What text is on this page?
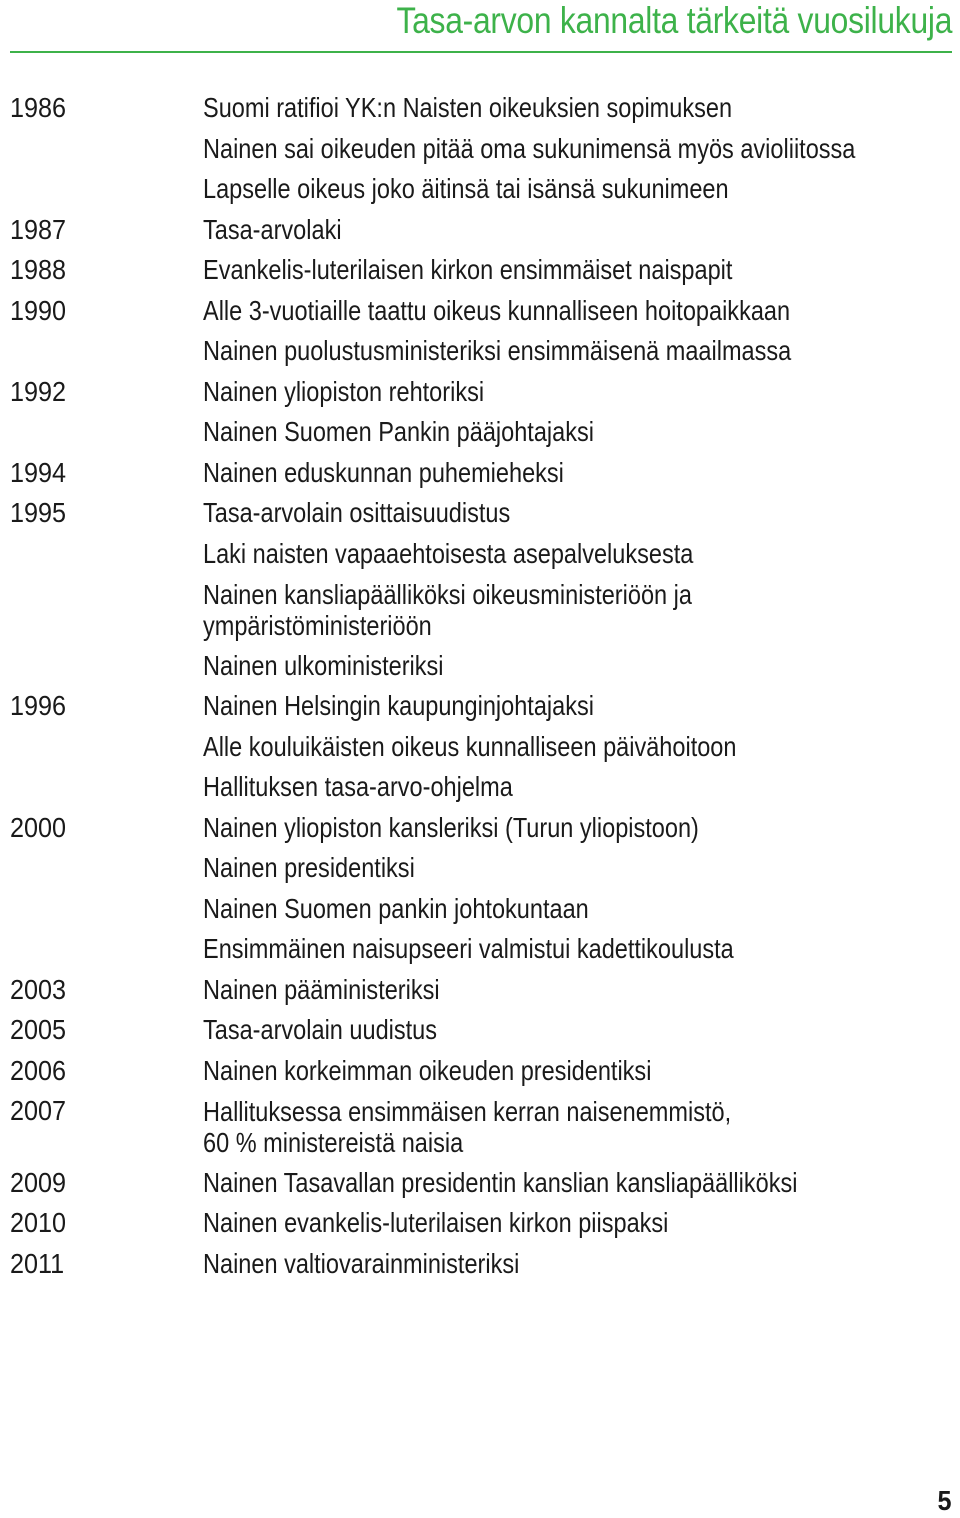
Tasa-arvon kannalta tärkeitä vuosilukuja
1986	Suomi ratifioi YK:n Naisten oikeuksien sopimuksen
Nainen sai oikeuden pitää oma sukunimensä myös avioliitossa
Lapselle oikeus joko äitinsä tai isänsä sukunimeen
1987	Tasa-arvolaki
1988	Evankelis-luterilaisen kirkon ensimmäiset naispapit
1990	Alle 3-vuotiaille taattu oikeus kunnalliseen hoitopaikkaan
Nainen puolustusministeriksi ensimmäisenä maailmassa
1992	Nainen yliopiston rehtoriksi
Nainen Suomen Pankin pääjohtajaksi
1994	Nainen eduskunnan puhemieheksi
1995	Tasa-arvolain osittaisuudistus
Laki naisten vapaaehtoisesta asepalveluksesta
Nainen kansliapäälliköksi oikeusministeriöön ja
ympäristöministeriöön
Nainen ulkoministeriksi
1996	Nainen Helsingin kaupunginjohtajaksi
Alle kouluikäisten oikeus kunnalliseen päivähoitoon
Hallituksen tasa-arvo-ohjelma
2000	Nainen yliopiston kansleriksi (Turun yliopistoon)
Nainen presidentiksi
Nainen Suomen pankin johtokuntaan
Ensimmäinen naisupseeri valmistui kadettikoulusta
2003	Nainen pääministeriksi
2005	Tasa-arvolain uudistus
2006	Nainen korkeimman oikeuden presidentiksi
2007	Hallituksessa ensimmäisen kerran naisenemmistö,
60 % ministereistä naisia
2009	Nainen Tasavallan presidentin kanslian kansliapäälliköksi
2010	Nainen evankelis-luterilaisen kirkon piispaksi
2011	Nainen valtiovarainministeriksi
5
